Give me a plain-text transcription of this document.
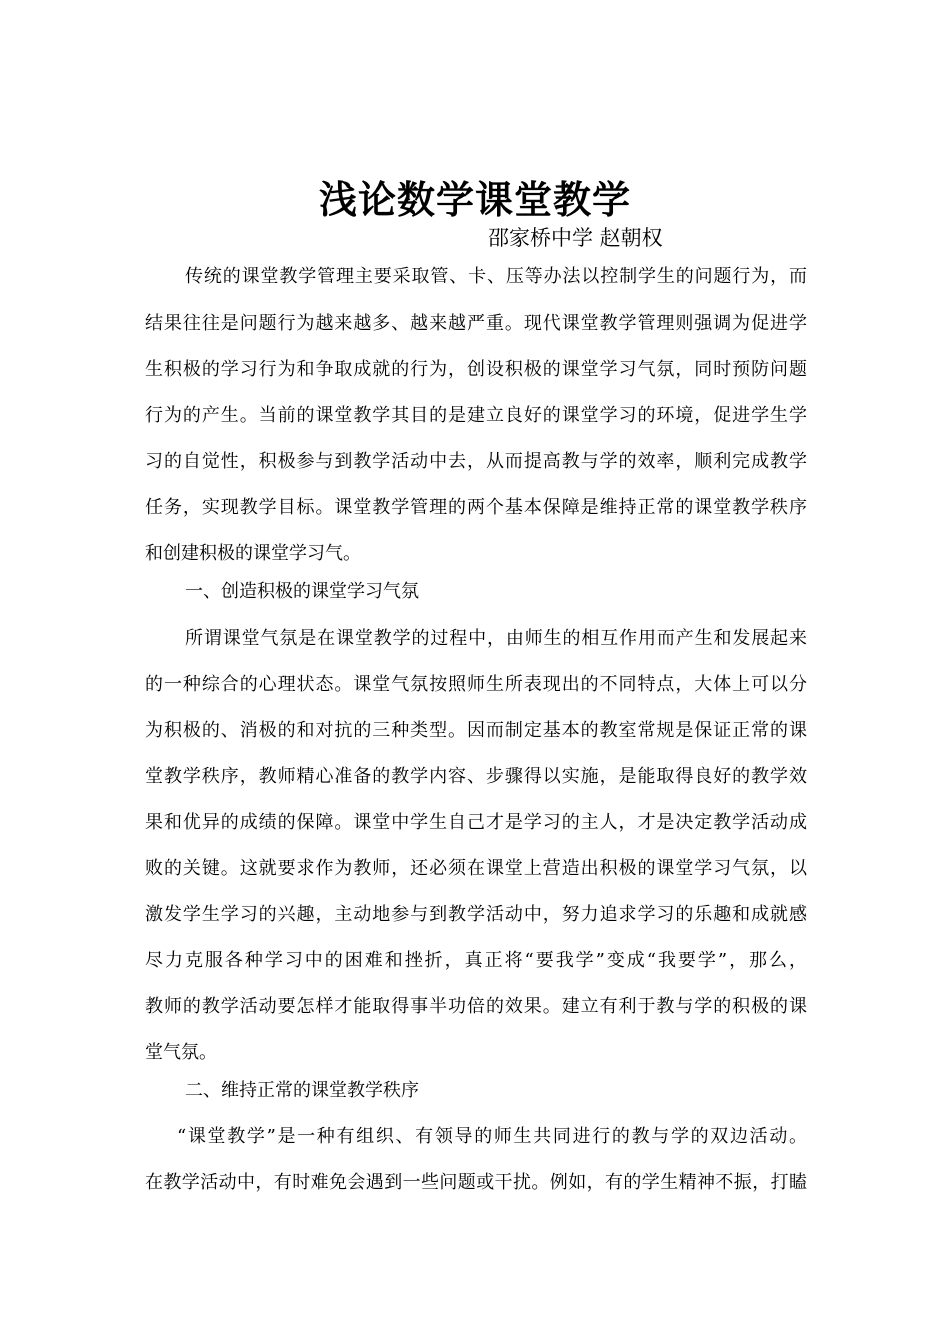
浅论数学课堂教学
邵家桥中学 赵朝权
传统的课堂教学管理主要采取管、卡、压等办法以控制学生的问题行为，而
结果往往是问题行为越来越多、越来越严重。现代课堂教学管理则强调为促进学
生积极的学习行为和争取成就的行为，创设积极的课堂学习气氛，同时预防问题
行为的产生。当前的课堂教学其目的是建立良好的课堂学习的环境，促进学生学
习的自觉性，积极参与到教学活动中去，从而提高教与学的效率，顺利完成教学
任务，实现教学目标。课堂教学管理的两个基本保障是维持正常的课堂教学秩序
和创建积极的课堂学习气。
一、创造积极的课堂学习气氛
所谓课堂气氛是在课堂教学的过程中，由师生的相互作用而产生和发展起来
的一种综合的心理状态。课堂气氛按照师生所表现出的不同特点，大体上可以分
为积极的、消极的和对抗的三种类型。因而制定基本的教室常规是保证正常的课
堂教学秩序，教师精心准备的教学内容、步骤得以实施，是能取得良好的教学效
果和优异的成绩的保障。课堂中学生自己才是学习的主人，才是决定教学活动成
败的关键。这就要求作为教师，还必须在课堂上营造出积极的课堂学习气氛，以
激发学生学习的兴趣，主动地参与到教学活动中，努力追求学习的乐趣和成就感
尽力克服各种学习中的困难和挫折，真正将“要我学”变成“我要学”，那么，
教师的教学活动要怎样才能取得事半功倍的效果。建立有利于教与学的积极的课
堂气氛。
二、维持正常的课堂教学秩序
“课堂教学”是一种有组织、有领导的师生共同进行的教与学的双边活动。
在教学活动中，有时难免会遇到一些问题或干扰。例如，有的学生精神不振，打瞌
